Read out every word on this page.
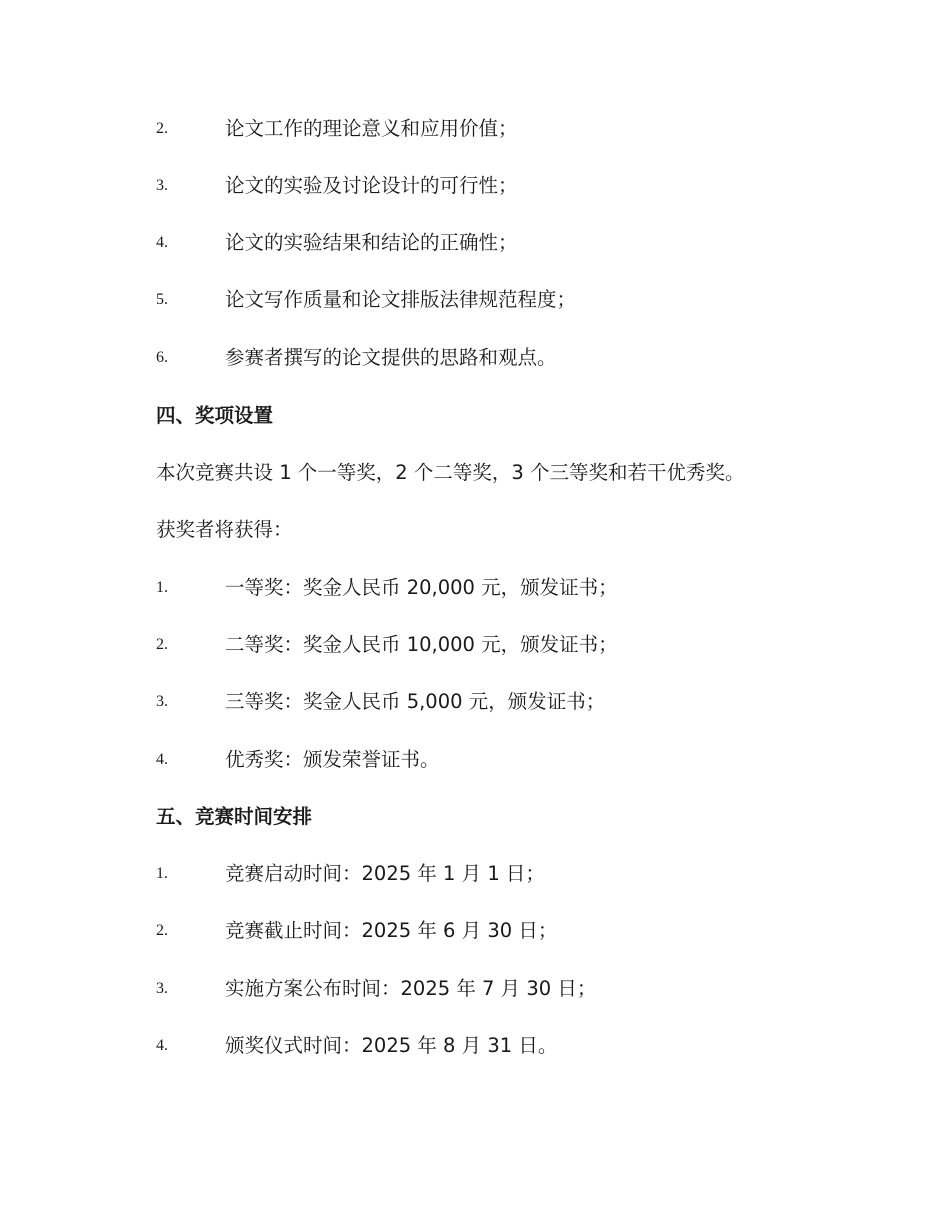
2.	论文工作的理论意义和应用价值；
3.	论文的实验及讨论设计的可行性；
4.	论文的实验结果和结论的正确性；
5.	论文写作质量和论文排版法律规范程度；
6.	参赛者撰写的论文提供的思路和观点。
四、奖项设置
本次竞赛共设 1 个一等奖，2 个二等奖，3 个三等奖和若干优秀奖。
获奖者将获得：
1.	一等奖：奖金人民币 20,000 元，颁发证书；
2.	二等奖：奖金人民币 10,000 元，颁发证书；
3.	三等奖：奖金人民币 5,000 元，颁发证书；
4.	优秀奖：颁发荣誉证书。
五、竞赛时间安排
1.	竞赛启动时间：2025 年 1 月 1 日；
2.	竞赛截止时间：2025 年 6 月 30 日；
3.	实施方案公布时间：2025 年 7 月 30 日；
4.	颁奖仪式时间：2025 年 8 月 31 日。
